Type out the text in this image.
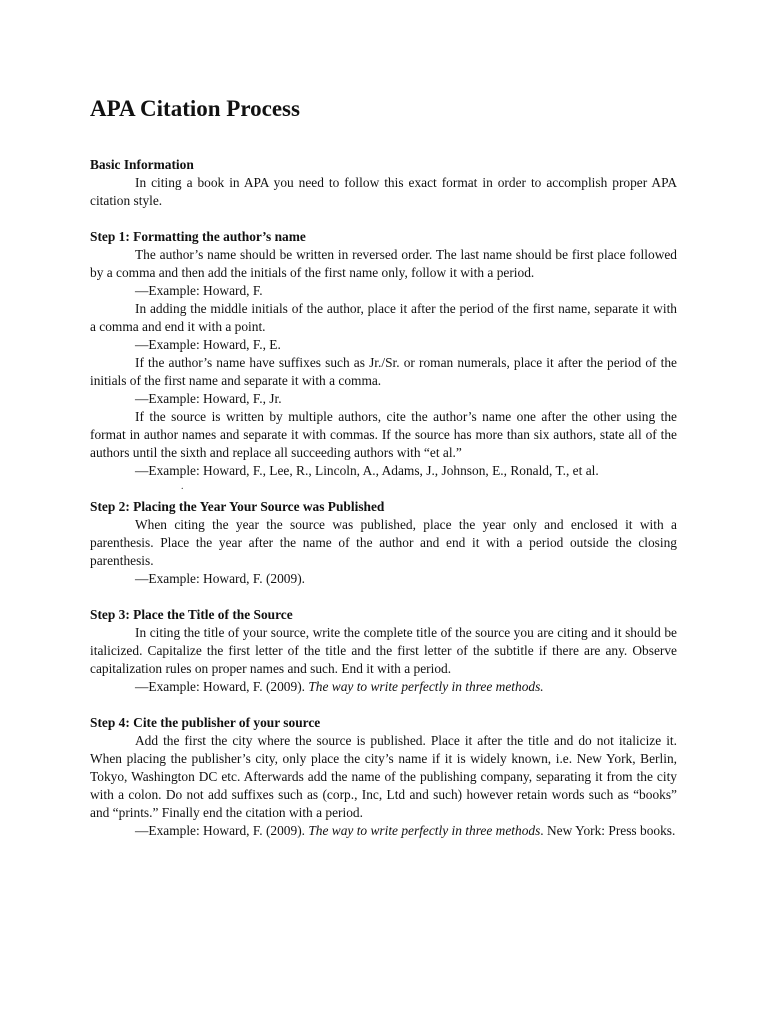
APA Citation Process
Basic Information

In citing a book in APA you need to follow this exact format in order to accomplish proper APA citation style.

Step 1: Formatting the author’s name

The author’s name should be written in reversed order. The last name should be first place followed by a comma and then add the initials of the first name only, follow it with a period.

—Example: Howard, F.

In adding the middle initials of the author, place it after the period of the first name, separate it with a comma and end it with a point.

—Example: Howard, F., E.

If the author’s name have suffixes such as Jr./Sr. or roman numerals, place it after the period of the initials of the first name and separate it with a comma.

—Example: Howard, F., Jr.

If the source is written by multiple authors, cite the author’s name one after the other using the format in author names and separate it with commas. If the source has more than six authors, state all of the authors until the sixth and replace all succeeding authors with “et al.”

—Example: Howard, F., Lee, R., Lincoln, A., Adams, J., Johnson, E., Ronald, T., et al.

.
Step 2: Placing the Year Your Source was Published

When citing the year the source was published, place the year only and enclosed it with a parenthesis. Place the year after the name of the author and end it with a period outside the closing parenthesis.

—Example: Howard, F. (2009).

Step 3: Place the Title of the Source

In citing the title of your source, write the complete title of the source you are citing and it should be italicized. Capitalize the first letter of the title and the first letter of the subtitle if there are any. Observe capitalization rules on proper names and such. End it with a period.

—Example: Howard, F. (2009). The way to write perfectly in three methods.

Step 4: Cite the publisher of your source

Add the first the city where the source is published. Place it after the title and do not italicize it. When placing the publisher’s city, only place the city’s name if it is widely known, i.e. New York, Berlin, Tokyo, Washington DC etc. Afterwards add the name of the publishing company, separating it from the city with a colon. Do not add suffixes such as (corp., Inc, Ltd and such) however retain words such as “books” and “prints.” Finally end the citation with a period.

—Example: Howard, F. (2009). The way to write perfectly in three methods. New York: Press books.
